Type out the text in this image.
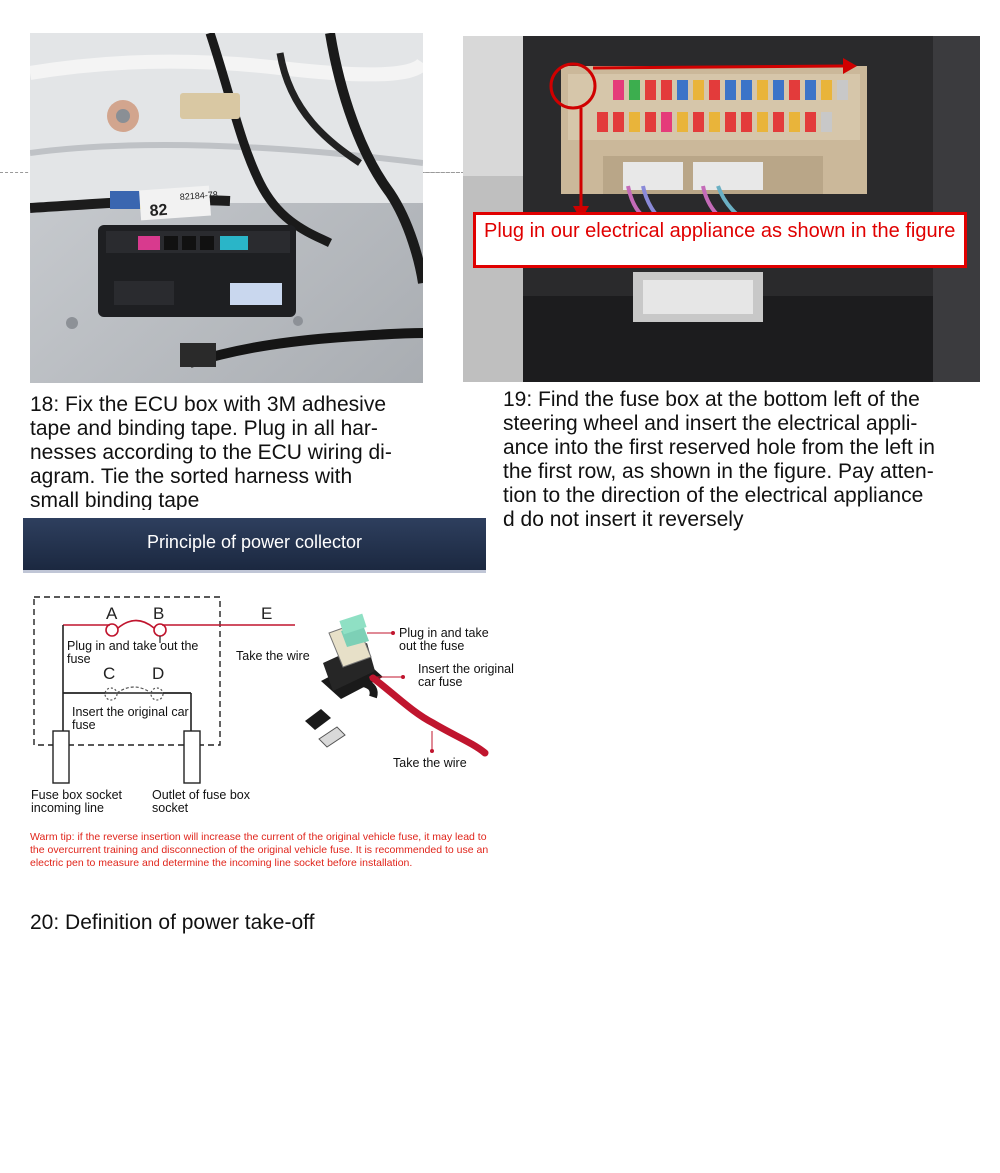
82184-78
82
Plug in our electrical appliance as shown in the figure
18: Fix the ECU box with 3M adhesive
tape and binding tape. Plug in all har-
nesses according to the ECU wiring di-
agram. Tie the sorted harness with
small binding tape
19: Find the fuse box at the bottom left of the
steering wheel and insert the electrical appli-
ance into the first reserved hole from the left in
the first row, as shown in the figure. Pay atten-
tion to the direction of the electrical appliance
d do not insert it reversely
Principle of power collector
A B
C D
E
Plug in and take out the
fuse	Take the wire
Insert the original car
fuse
Fuse box socket
incoming line
Outlet of fuse box
socket
Plug in and take
out the fuse
Insert the original
car fuse
Take the wire
Warm tip: if the reverse insertion will increase the current of the original vehicle fuse, it may lead to the overcurrent training and disconnection of the original vehicle fuse. It is recommended to use an electric pen to measure and determine the incoming line socket before installation.
20: Definition of power take-off
